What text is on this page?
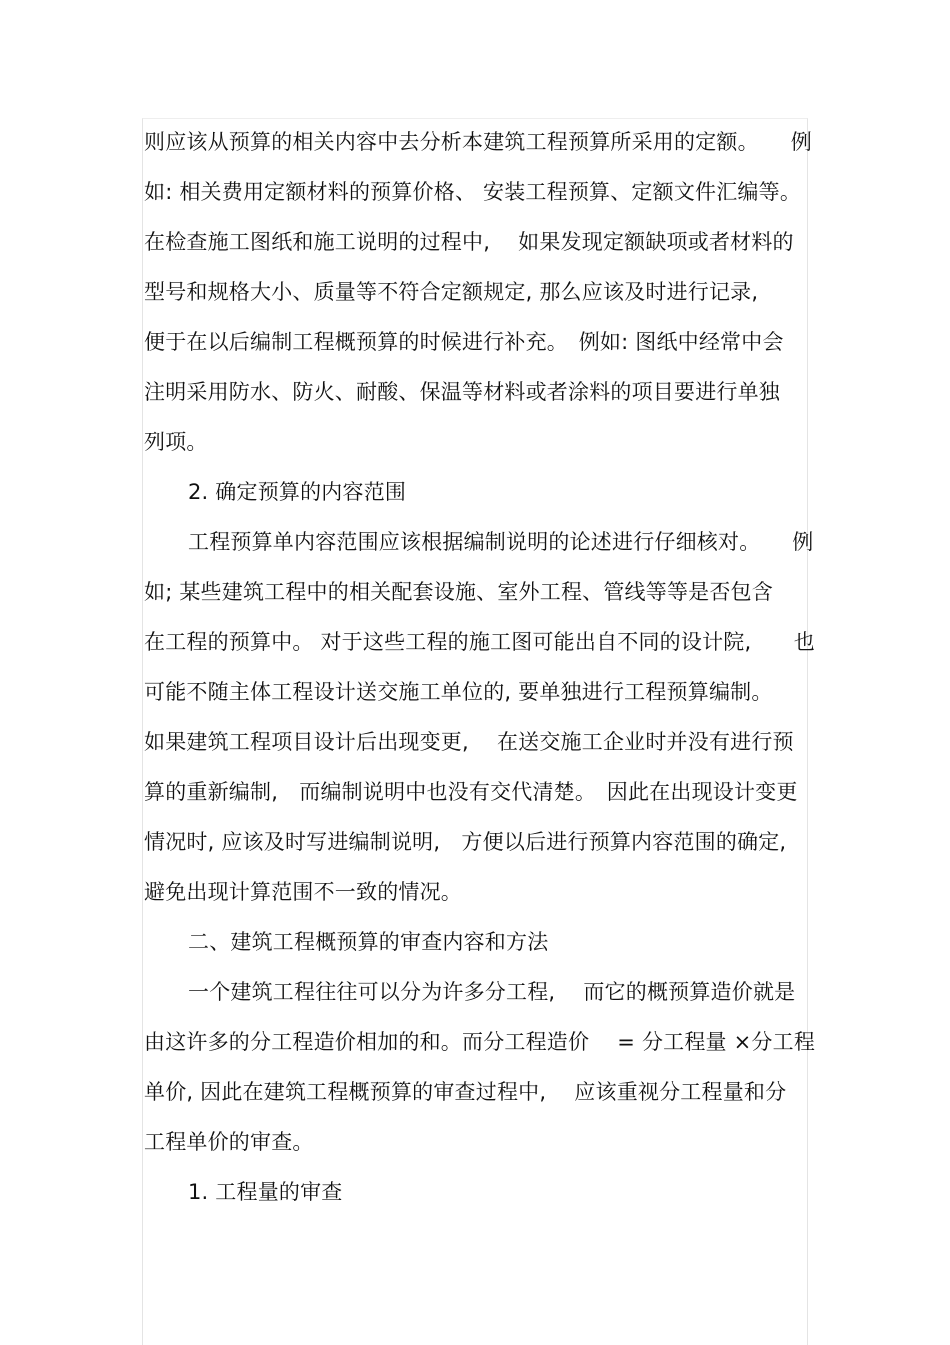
则应该从预算的相关内容中去分析本建筑工程预算所采用的定额。　　例
如: 相关费用定额材料的预算价格、 安装工程预算、定额文件汇编等。
在检查施工图纸和施工说明的过程中,　 如果发现定额缺项或者材料的
型号和规格大小、质量等不符合定额规定, 那么应该及时进行记录,
便于在以后编制工程概预算的时候进行补充。　例如: 图纸中经常中会
注明采用防水、防火、耐酸、保温等材料或者涂料的项目要进行单独
列项。
2. 确定预算的内容范围
工程预算单内容范围应该根据编制说明的论述进行仔细核对。　　例
如; 某些建筑工程中的相关配套设施、室外工程、管线等等是否包含
在工程的预算中。 对于这些工程的施工图可能出自不同的设计院,　　也
可能不随主体工程设计送交施工单位的, 要单独进行工程预算编制。
如果建筑工程项目设计后出现变更,　 在送交施工企业时并没有进行预
算的重新编制,　而编制说明中也没有交代清楚。　因此在出现设计变更
情况时, 应该及时写进编制说明,　方便以后进行预算内容范围的确定,
避免出现计算范围不一致的情况。
二、建筑工程概预算的审查内容和方法
一个建筑工程往往可以分为许多分工程,　 而它的概预算造价就是
由这许多的分工程造价相加的和。而分工程造价　 = 分工程量 ×分工程
单价, 因此在建筑工程概预算的审查过程中,　 应该重视分工程量和分
工程单价的审查。
1. 工程量的审查
